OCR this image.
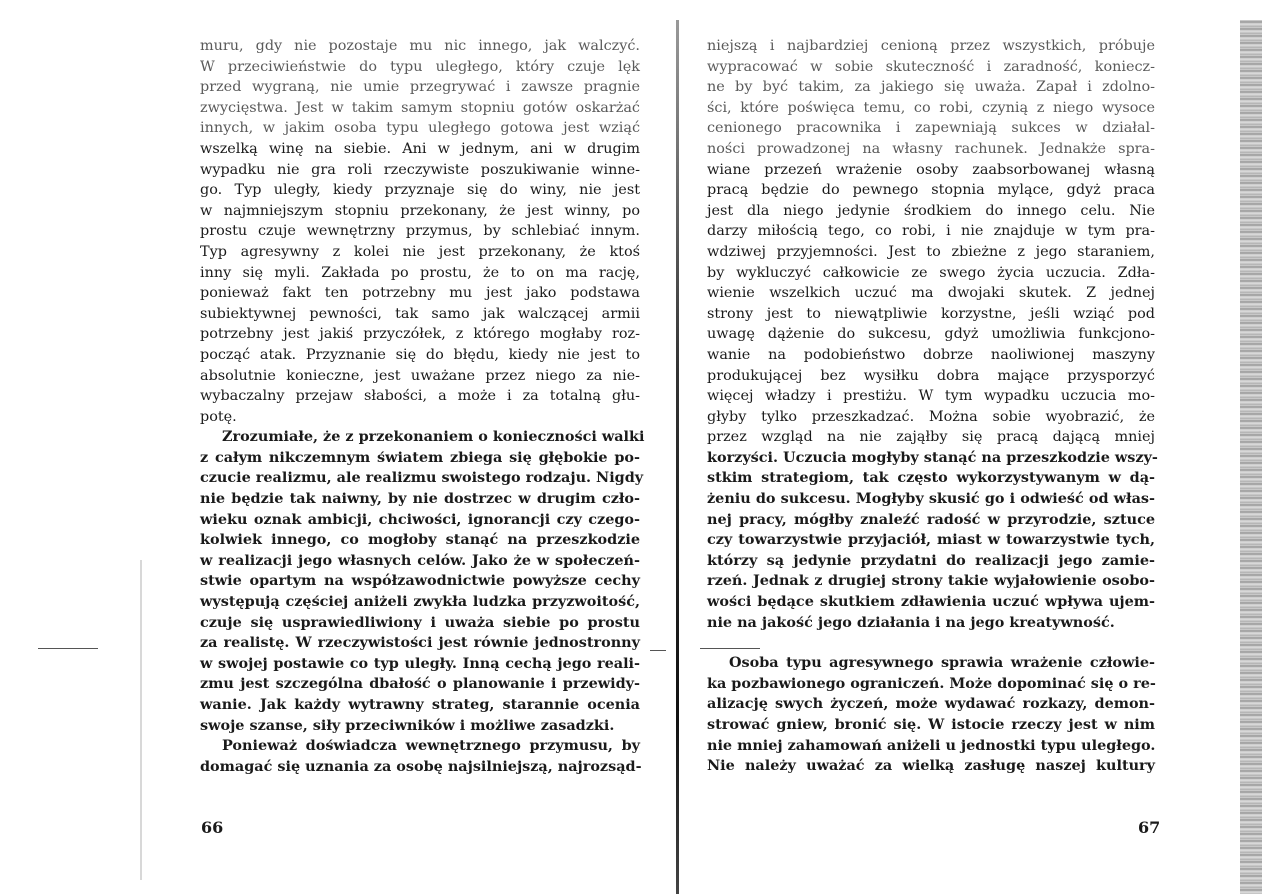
muru, gdy nie pozostaje mu nic innego, jak walczyć.
W przeciwieństwie do typu uległego, który czuje lęk
przed wygraną, nie umie przegrywać i zawsze pragnie
zwycięstwa. Jest w takim samym stopniu gotów oskarżać
innych, w jakim osoba typu uległego gotowa jest wziąć
wszelką winę na siebie. Ani w jednym, ani w drugim
wypadku nie gra roli rzeczywiste poszukiwanie winne-
go. Typ uległy, kiedy przyznaje się do winy, nie jest
w najmniejszym stopniu przekonany, że jest winny, po
prostu czuje wewnętrzny przymus, by schlebiać innym.
Typ agresywny z kolei nie jest przekonany, że ktoś
inny się myli. Zakłada po prostu, że to on ma rację,
ponieważ fakt ten potrzebny mu jest jako podstawa
subiektywnej pewności, tak samo jak walczącej armii
potrzebny jest jakiś przyczółek, z którego mogłaby roz-
począć atak. Przyznanie się do błędu, kiedy nie jest to
absolutnie konieczne, jest uważane przez niego za nie-
wybaczalny przejaw słabości, a może i za totalną głu-
potę.
Zrozumiałe, że z przekonaniem o konieczności walki
z całym nikczemnym światem zbiega się głębokie po-
czucie realizmu, ale realizmu swoistego rodzaju. Nigdy
nie będzie tak naiwny, by nie dostrzec w drugim czło-
wieku oznak ambicji, chciwości, ignorancji czy czego-
kolwiek innego, co mogłoby stanąć na przeszkodzie
w realizacji jego własnych celów. Jako że w społeczeń-
stwie opartym na współzawodnictwie powyższe cechy
występują częściej aniżeli zwykła ludzka przyzwoitość,
czuje się usprawiedliwiony i uważa siebie po prostu
za realistę. W rzeczywistości jest równie jednostronny
w swojej postawie co typ uległy. Inną cechą jego reali-
zmu jest szczególna dbałość o planowanie i przewidy-
wanie. Jak każdy wytrawny strateg, starannie ocenia
swoje szanse, siły przeciwników i możliwe zasadzki.
Ponieważ doświadcza wewnętrznego przymusu, by
domagać się uznania za osobę najsilniejszą, najrozsąd-
66
niejszą i najbardziej cenioną przez wszystkich, próbuje
wypracować w sobie skuteczność i zaradność, koniecz-
ne by być takim, za jakiego się uważa. Zapał i zdolno-
ści, które poświęca temu, co robi, czynią z niego wysoce
cenionego pracownika i zapewniają sukces w działal-
ności prowadzonej na własny rachunek. Jednakże spra-
wiane przezeń wrażenie osoby zaabsorbowanej własną
pracą będzie do pewnego stopnia mylące, gdyż praca
jest dla niego jedynie środkiem do innego celu. Nie
darzy miłością tego, co robi, i nie znajduje w tym pra-
wdziwej przyjemności. Jest to zbieżne z jego staraniem,
by wykluczyć całkowicie ze swego życia uczucia. Zdła-
wienie wszelkich uczuć ma dwojaki skutek. Z jednej
strony jest to niewątpliwie korzystne, jeśli wziąć pod
uwagę dążenie do sukcesu, gdyż umożliwia funkcjono-
wanie na podobieństwo dobrze naoliwionej maszyny
produkującej bez wysiłku dobra mające przysporzyć
więcej władzy i prestiżu. W tym wypadku uczucia mo-
głyby tylko przeszkadzać. Można sobie wyobrazić, że
przez wzgląd na nie zająłby się pracą dającą mniej
korzyści. Uczucia mogłyby stanąć na przeszkodzie wszy-
stkim strategiom, tak często wykorzystywanym w dą-
żeniu do sukcesu. Mogłyby skusić go i odwieść od włas-
nej pracy, mógłby znaleźć radość w przyrodzie, sztuce
czy towarzystwie przyjaciół, miast w towarzystwie tych,
którzy są jedynie przydatni do realizacji jego zamie-
rzeń. Jednak z drugiej strony takie wyjałowienie osobo-
wości będące skutkiem zdławienia uczuć wpływa ujem-
nie na jakość jego działania i na jego kreatywność.
Osoba typu agresywnego sprawia wrażenie człowie-
ka pozbawionego ograniczeń. Może dopominać się o re-
alizację swych życzeń, może wydawać rozkazy, demon-
strować gniew, bronić się. W istocie rzeczy jest w nim
nie mniej zahamowań aniżeli u jednostki typu uległego.
Nie należy uważać za wielką zasługę naszej kultury
67
